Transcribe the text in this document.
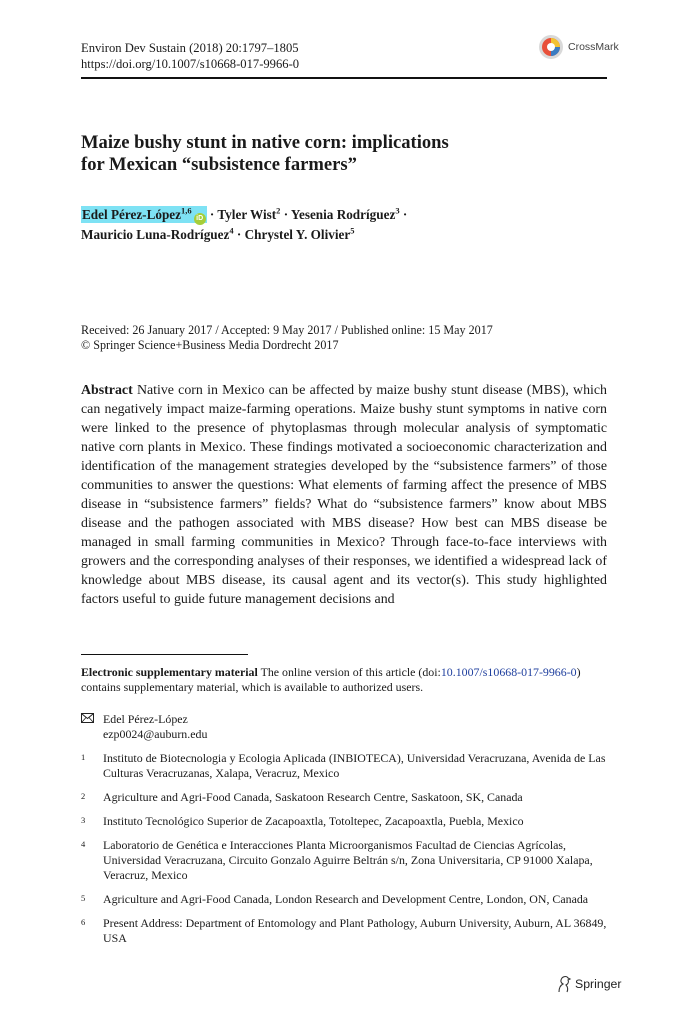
Environ Dev Sustain (2018) 20:1797–1805
https://doi.org/10.1007/s10668-017-9966-0
CrossMark
Maize bushy stunt in native corn: implications
for Mexican “subsistence farmers”
Edel Pérez-López$^{1,6}$iD · Tyler Wist$^2$ · Yesenia Rodríguez$^3$ ·
Mauricio Luna-Rodríguez$^4$ · Chrystel Y. Olivier$^5$
Received: 26 January 2017 / Accepted: 9 May 2017 / Published online: 15 May 2017
© Springer Science+Business Media Dordrecht 2017
Abstract Native corn in Mexico can be affected by maize bushy stunt disease (MBS), which can negatively impact maize-farming operations. Maize bushy stunt symptoms in native corn were linked to the presence of phytoplasmas through molecular analysis of symptomatic native corn plants in Mexico. These findings motivated a socioeconomic characterization and identification of the management strategies developed by the “subsistence farmers” of those communities to answer the questions: What elements of farming affect the presence of MBS disease in “subsistence farmers” fields? What do “subsistence farmers” know about MBS disease and the pathogen associated with MBS disease? How best can MBS disease be managed in small farming communities in Mexico? Through face-to-face interviews with growers and the corresponding analyses of their responses, we identified a widespread lack of knowledge about MBS disease, its causal agent and its vector(s). This study highlighted factors useful to guide future management decisions and
Electronic supplementary material The online version of this article (doi:10.1007/s10668-017-9966-0) contains supplementary material, which is available to authorized users.
Edel Pérez-López
ezp0024@auburn.edu
1	Instituto de Biotecnologia y Ecologia Aplicada (INBIOTECA), Universidad Veracruzana, Avenida de Las Culturas Veracruzanas, Xalapa, Veracruz, Mexico
2	Agriculture and Agri-Food Canada, Saskatoon Research Centre, Saskatoon, SK, Canada
3	Instituto Tecnológico Superior de Zacapoaxtla, Totoltepec, Zacapoaxtla, Puebla, Mexico
4	Laboratorio de Genética e Interacciones Planta Microorganismos Facultad de Ciencias Agrícolas, Universidad Veracruzana, Circuito Gonzalo Aguirre Beltrán s/n, Zona Universitaria, CP 91000 Xalapa, Veracruz, Mexico
5	Agriculture and Agri-Food Canada, London Research and Development Centre, London, ON, Canada
6	Present Address: Department of Entomology and Plant Pathology, Auburn University, Auburn, AL 36849, USA
Springer
